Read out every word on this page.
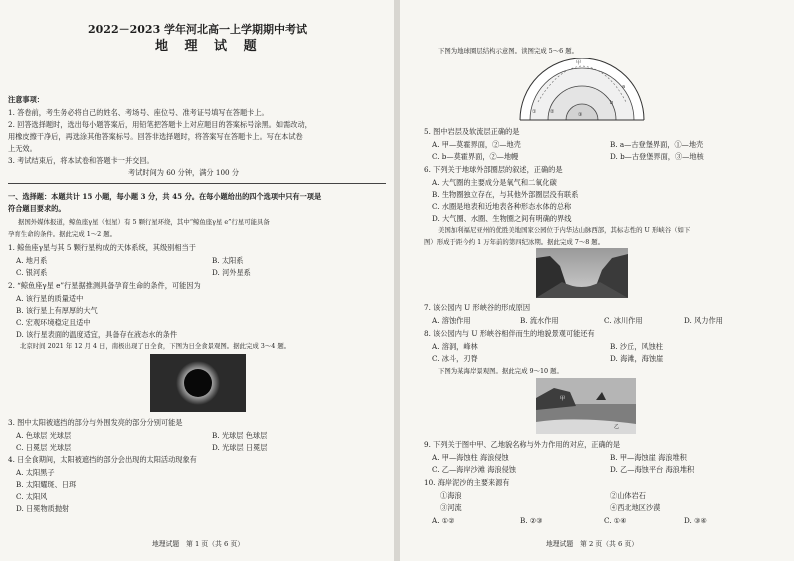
2022－2023 学年河北高一上学期期中考试
地 理 试 题
注意事项：
1. 答卷前，考生务必将自己的姓名、考场号、座位号、准考证号填写在答题卡上。
2. 回答选择题时，选出每小题答案后，用铅笔把答题卡上对应题目的答案标号涂黑。如需改动，
用橡皮擦干净后，再选涂其他答案标号。回答非选择题时，将答案写在答题卡上。写在本试卷
上无效。
3. 考试结束后，将本试卷和答题卡一并交回。
考试时间为 60 分钟，满分 100 分
一、选择题：本题共计 15 小题，每小题 3 分，共 45 分。在每小题给出的四个选项中只有一项是
符合题目要求的。
据国外媒体报道，鲸鱼座γ星（恒星）有 5 颗行星环绕，其中“鲸鱼座γ星 e”行星可能具备
孕育生命的条件。据此完成 1～2 题。
1. 鲸鱼座γ星与其 5 颗行星构成的天体系统，其级别相当于
A. 地月系	B. 太阳系
C. 银河系	D. 河外星系
2. “鲸鱼座γ星 e”行星据推测具备孕育生命的条件，可能因为
A. 该行星的质量适中
B. 该行星上有厚厚的大气
C. 宏观环境稳定且适中
D. 该行星表面的温度适宜，具备存在液态水的条件
北京时间 2021 年 12 月 4 日，南极出现了日全食，下图为日全食景观图。据此完成 3～4 题。
3. 图中太阳被遮挡的部分与外围发亮的部分分别可能是
A. 色球层 光球层	B. 光球层 色球层
C. 日冕层 光球层	D. 光球层 日冕层
4. 日全食期间，太阳被遮挡的部分会出现的太阳活动现象有
A. 太阳黑子
B. 太阳耀斑、日珥
C. 太阳风
D. 日冕物质抛射
地理试题　第 1 页（共 6 页）
下图为地球圈层结构示意图。读图完成 5～6 题。
甲
a
b
①	②	③
5. 图中岩层及软流层正确的是
A. 甲—莫霍界面，②—地壳	B. a—古登堡界面，①—地壳
C. b—莫霍界面，②—地幔	D. b—古登堡界面，③—地核
6. 下列关于地球外部圈层的叙述，正确的是
A. 大气圈的主要成分是氧气和二氧化碳
B. 生物圈独立存在，与其他外部圈层没有联系
C. 水圈是地表和近地表各种形态水体的总称
D. 大气圈、水圈、生物圈之间有明确的界线
美国加利福尼亚州的优胜美地国家公园位于内华达山脉西部，其标志性的 U 形峡谷（如下
图）形成于距今约 1 万年前的第四纪冰期。据此完成 7～8 题。
7. 该公园内 U 形峡谷的形成原因
A. 溶蚀作用	B. 流水作用	C. 冰川作用	D. 风力作用
8. 该公园内与 U 形峡谷相伴而生的地貌景观可能还有
A. 溶洞，峰林	B. 沙丘，风蚀柱
C. 冰斗，刃脊	D. 海滩，海蚀崖
下图为某海岸景观图。据此完成 9～10 题。
甲
乙
9. 下列关于图中甲、乙地貌名称与外力作用的对应，正确的是
A. 甲—海蚀柱 海浪侵蚀	B. 甲—海蚀崖 海浪堆积
C. 乙—海岸沙滩 海浪侵蚀	D. 乙—海蚀平台 海浪堆积
10. 海岸泥沙的主要来源有
①海浪	②山体岩石
③河流	④西北地区沙漠
A. ①②	B. ②③	C. ①④	D. ③④
地理试题　第 2 页（共 6 页）
